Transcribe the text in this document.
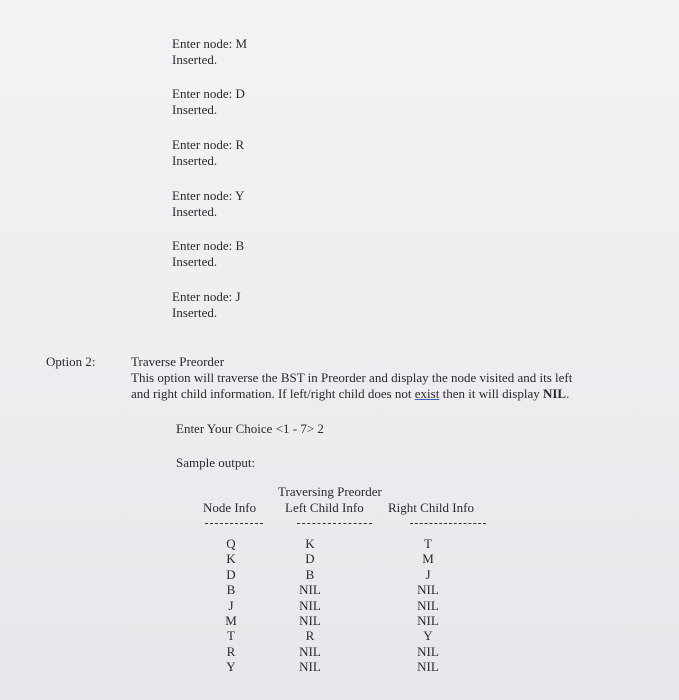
Enter node: M
Inserted.
Enter node: D
Inserted.
Enter node: R
Inserted.
Enter node: Y
Inserted.
Enter node: B
Inserted.
Enter node: J
Inserted.
Option 2:	Traverse Preorder
This option will traverse the BST in Preorder and display the node visited and its left
and right child information. If left/right child does not exist then it will display NIL.
Enter Your Choice <1 - 7> 2
Sample output:
Traversing Preorder
Node Info Left Child Info Right Child Info
Q
K
D
B
J
M
T
R
Y
K
D
B
NIL
NIL
NIL
R
NIL
NIL
T
M
J
NIL
NIL
NIL
Y
NIL
NIL
